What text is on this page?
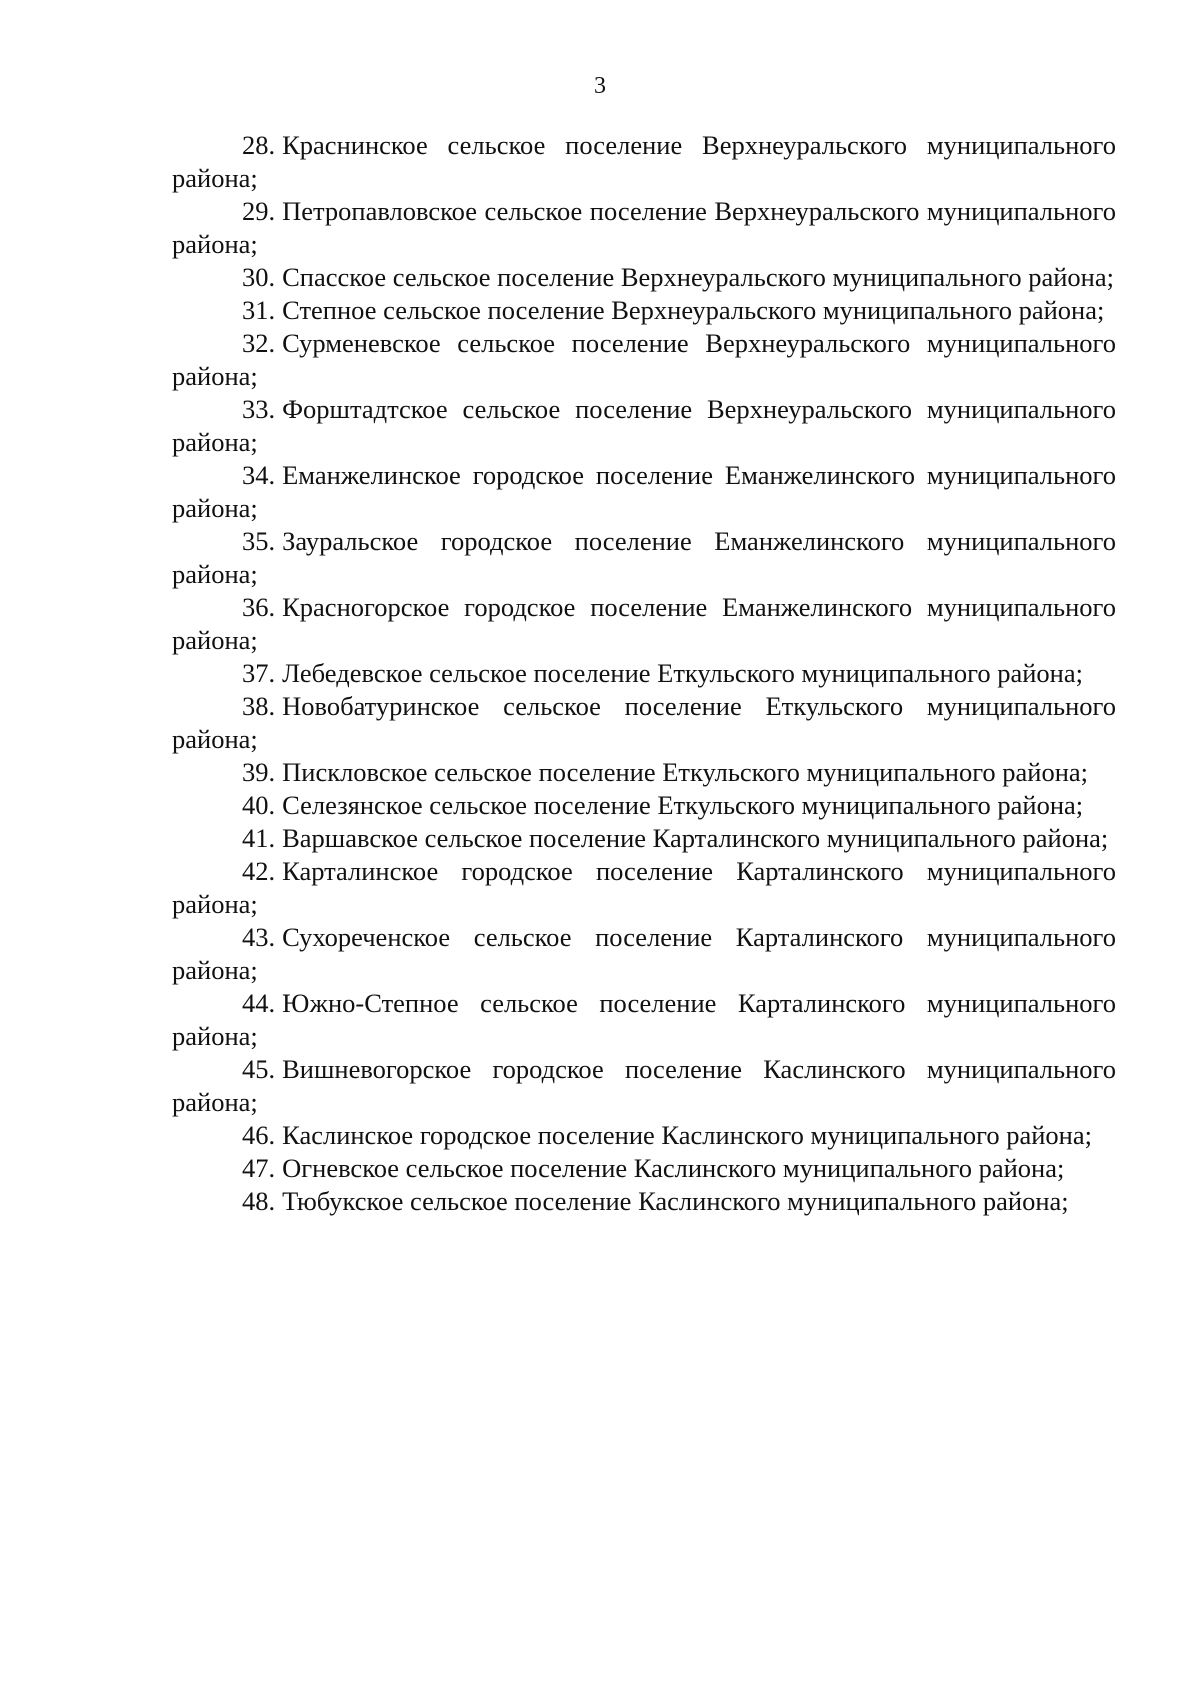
3

28. Краснинское сельское поселение Верхнеуральского муниципального района;

29. Петропавловское сельское поселение Верхнеуральского муниципального района;

30. Спасское сельское поселение Верхнеуральского муниципального района;

31. Степное сельское поселение Верхнеуральского муниципального района;

32. Сурменевское сельское поселение Верхнеуральского муниципального района;

33. Форштадтское сельское поселение Верхнеуральского муниципального района;

34. Еманжелинское городское поселение Еманжелинского муниципального района;

35. Зауральское городское поселение Еманжелинского муниципального района;

36. Красногорское городское поселение Еманжелинского муниципального района;

37. Лебедевское сельское поселение Еткульского муниципального района;

38. Новобатуринское сельское поселение Еткульского муниципального района;

39. Пискловское сельское поселение Еткульского муниципального района;

40. Селезянское сельское поселение Еткульского муниципального района;

41. Варшавское сельское поселение Карталинского муниципального района;

42. Карталинское городское поселение Карталинского муниципального района;

43. Сухореченское сельское поселение Карталинского муниципального района;

44. Южно-Степное сельское поселение Карталинского муниципального района;

45. Вишневогорское городское поселение Каслинского муниципального района;

46. Каслинское городское поселение Каслинского муниципального района;

47. Огневское сельское поселение Каслинского муниципального района;

48. Тюбукское сельское поселение Каслинского муниципального района;
